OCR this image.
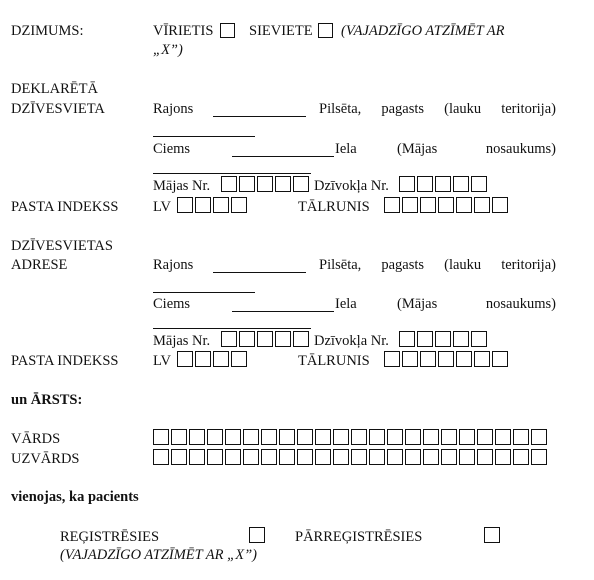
DZIMUMS:	VĪRIETIS SIEVIETE (VAJADZĪGO ATZĪMĒT AR
„X”)
DEKLARĒTĀ
DZĪVESVIETA	Rajons	Pilsēta, pagasts (lauku teritorija)
Ciems	Iela	(Mājas	nosaukums)
Mājas Nr.	Dzīvokļa Nr.
PASTA INDEKSS LV	TĀLRUNIS
DZĪVESVIETAS
ADRESE	Rajons	Pilsēta, pagasts (lauku teritorija)
Ciems	Iela	(Mājas	nosaukums)
Mājas Nr.	Dzīvokļa Nr.
PASTA INDEKSS LV	TĀLRUNIS
un ĀRSTS:
VĀRDS
UZVĀRDS
vienojas, ka pacients
REĢISTRĒSIES	PĀRREĢISTRĒSIES
(VAJADZĪGO ATZĪMĒT AR „X”)
